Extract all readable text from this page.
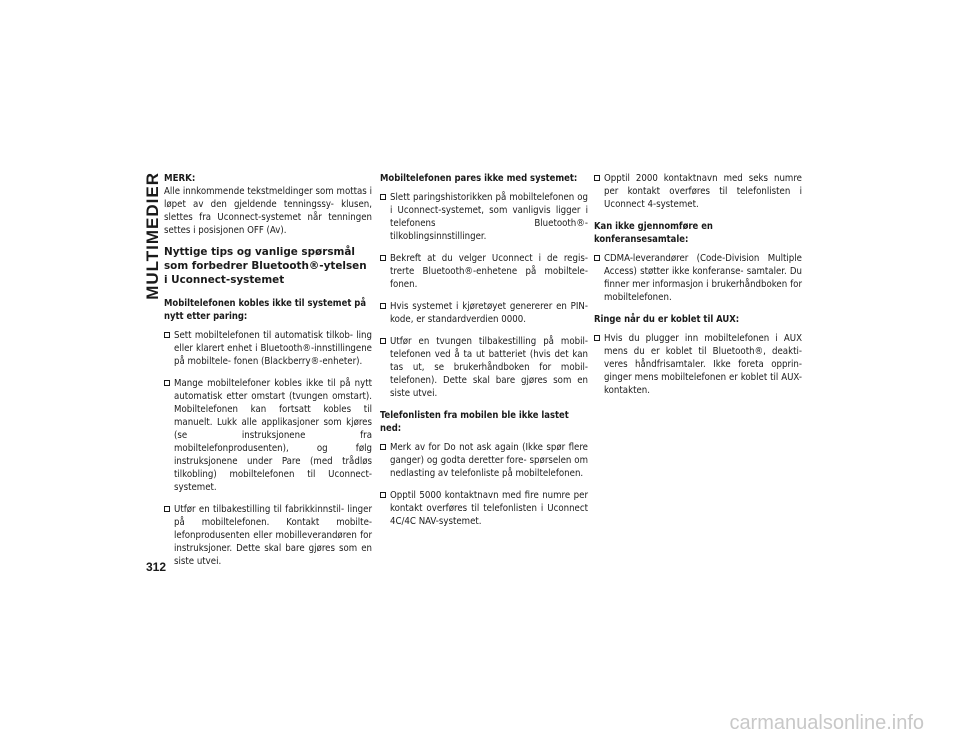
MULTIMEDIER
312

MERK:

Alle innkommende tekstmeldinger som mottas i løpet av den gjeldende tenningssy- klusen, slettes fra Uconnect-systemet når tenningen settes i posisjonen OFF (Av).

Nyttige tips og vanlige spørsmål som forbedrer Bluetooth®-ytelsen i Uconnect-systemet

Mobiltelefonen kobles ikke til systemet på nytt etter paring:

Sett mobiltelefonen til automatisk tilkob- ling eller klarert enhet i Bluetooth®-innstillingene på mobiltele- fonen (Blackberry®-enheter).
Mange mobiltelefoner kobles ikke til på nytt automatisk etter omstart (tvungen omstart). Mobiltelefonen kan fortsatt kobles til manuelt. Lukk alle applikasjoner som kjøres (se instruksjonene fra mobiltelefonprodusenten), og følg instruksjonene under Pare (med trådløs tilkobling) mobiltelefonen til Uconnect-systemet.
Utfør en tilbakestilling til fabrikkinnstil- linger på mobiltelefonen. Kontakt mobilte- lefonprodusenten eller mobilleverandøren for instruksjoner. Dette skal bare gjøres som en siste utvei.

Mobiltelefonen pares ikke med systemet:

Slett paringshistorikken på mobiltelefonen og i Uconnect-systemet, som vanligvis ligger i telefonens Bluetooth®- tilkoblingsinnstillinger.
Bekreft at du velger Uconnect i de regis- trerte Bluetooth®-enhetene på mobiltele- fonen.
Hvis systemet i kjøretøyet genererer en PIN-kode, er standardverdien 0000.
Utfør en tvungen tilbakestilling på mobil- telefonen ved å ta ut batteriet (hvis det kan tas ut, se brukerhåndboken for mobil- telefonen). Dette skal bare gjøres som en siste utvei.

Telefonlisten fra mobilen ble ikke lastet ned:

Merk av for Do not ask again (Ikke spør flere ganger) og godta deretter fore- spørselen om nedlasting av telefonliste på mobiltelefonen.
Opptil 5000 kontaktnavn med fire numre per kontakt overføres til telefonlisten i Uconnect 4C/4C NAV-systemet.
Opptil 2000 kontaktnavn med seks numre per kontakt overføres til telefonlisten i Uconnect 4-systemet.

Kan ikke gjennomføre en konferansesamtale:

CDMA-leverandører (Code-Division Multiple Access) støtter ikke konferanse- samtaler. Du finner mer informasjon i brukerhåndboken for mobiltelefonen.

Ringe når du er koblet til AUX:

Hvis du plugger inn mobiltelefonen i AUX mens du er koblet til Bluetooth®, deakti- veres håndfrisamtaler. Ikke foreta opprin- ginger mens mobiltelefonen er koblet til AUX-kontakten.
carmanualsonline.info
